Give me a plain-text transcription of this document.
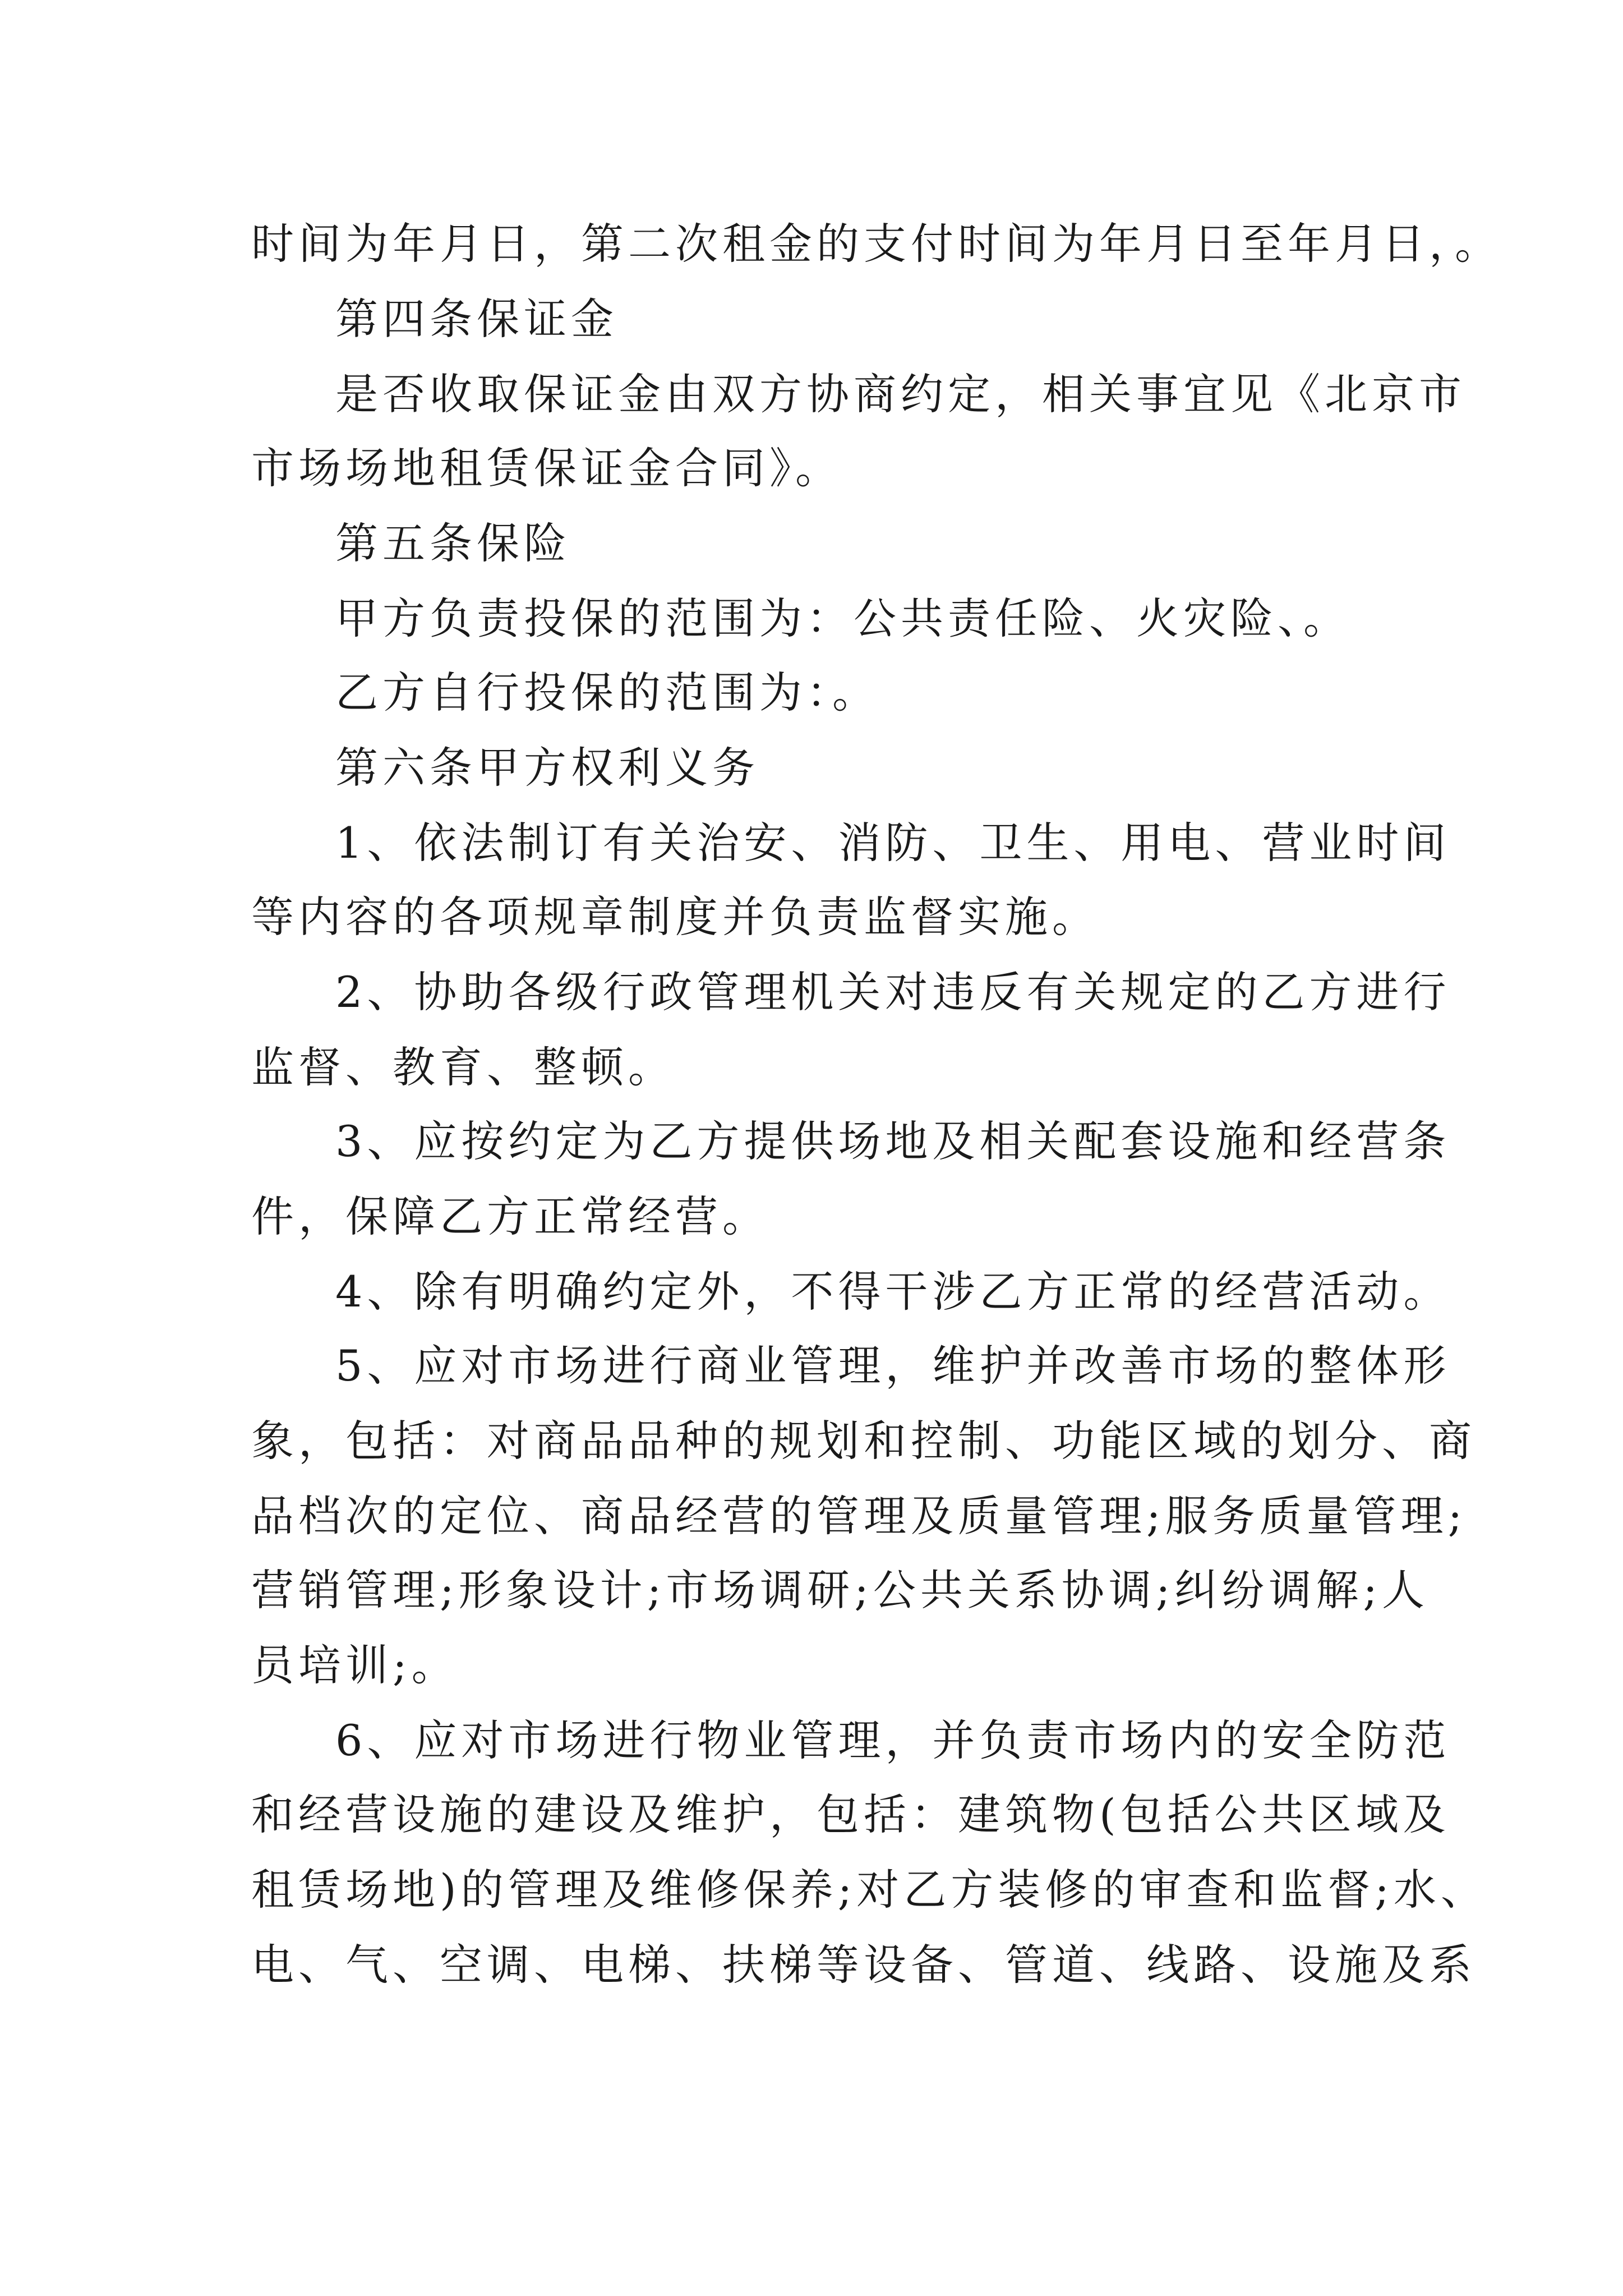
时间为年月日，第二次租金的支付时间为年月日至年月日，。
第四条保证金
是否收取保证金由双方协商约定，相关事宜见《北京市
市场场地租赁保证金合同》。
第五条保险
甲方负责投保的范围为：公共责任险、火灾险、。
乙方自行投保的范围为：。
第六条甲方权利义务
1、依法制订有关治安、消防、卫生、用电、营业时间
等内容的各项规章制度并负责监督实施。
2、协助各级行政管理机关对违反有关规定的乙方进行
监督、教育、整顿。
3、应按约定为乙方提供场地及相关配套设施和经营条
件，保障乙方正常经营。
4、除有明确约定外，不得干涉乙方正常的经营活动。
5、应对市场进行商业管理，维护并改善市场的整体形
象，包括：对商品品种的规划和控制、功能区域的划分、商
品档次的定位、商品经营的管理及质量管理;服务质量管理;
营销管理;形象设计;市场调研;公共关系协调;纠纷调解;人
员培训;。
6、应对市场进行物业管理，并负责市场内的安全防范
和经营设施的建设及维护，包括：建筑物(包括公共区域及
租赁场地)的管理及维修保养;对乙方装修的审查和监督;水、
电、气、空调、电梯、扶梯等设备、管道、线路、设施及系
